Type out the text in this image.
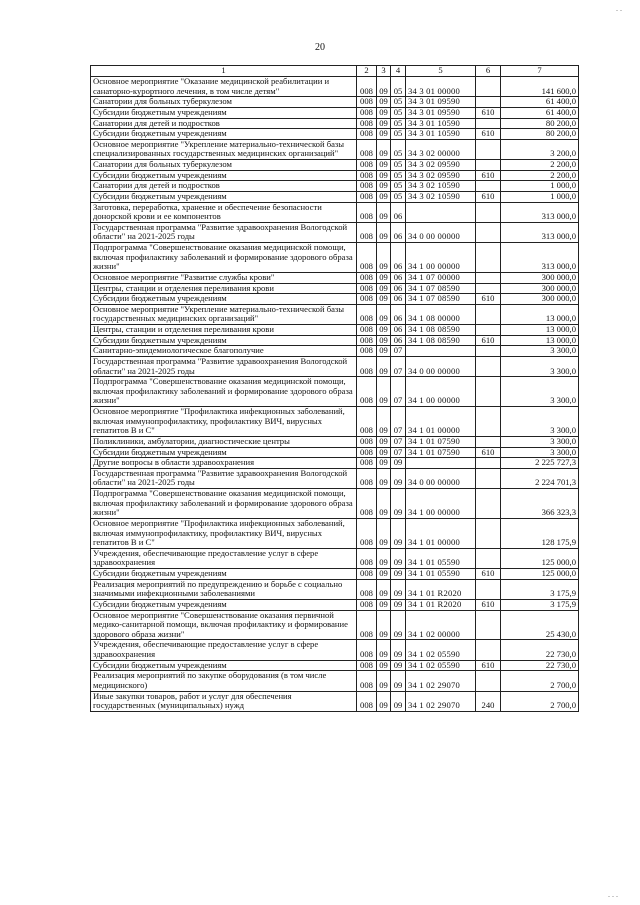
. .
20
1	2	3	4	5	6	7
Основное мероприятие "Оказание медицинской реабилитации и санаторно-курортного лечения, в том числе детям"	008	09	05	34 3 01 00000		141 600,0
Санатории для больных туберкулезом	008	09	05	34 3 01 09590		61 400,0
Субсидии бюджетным учреждениям	008	09	05	34 3 01 09590	610	61 400,0
Санатории для детей и подростков	008	09	05	34 3 01 10590		80 200,0
Субсидии бюджетным учреждениям	008	09	05	34 3 01 10590	610	80 200,0
Основное мероприятие "Укрепление материально-технической базы специализированных государственных медицинских организаций"	008	09	05	34 3 02 00000		3 200,0
Санатории для больных туберкулезом	008	09	05	34 3 02 09590		2 200,0
Субсидии бюджетным учреждениям	008	09	05	34 3 02 09590	610	2 200,0
Санатории для детей и подростков	008	09	05	34 3 02 10590		1 000,0
Субсидии бюджетным учреждениям	008	09	05	34 3 02 10590	610	1 000,0
Заготовка, переработка, хранение и обеспечение безопасности донорской крови и ее компонентов	008	09	06			313 000,0
Государственная программа "Развитие здравоохранения Вологодской области" на 2021-2025 годы	008	09	06	34 0 00 00000		313 000,0
Подпрограмма "Совершенствование оказания медицинской помощи, включая профилактику заболеваний и формирование здорового образа жизни"	008	09	06	34 1 00 00000		313 000,0
Основное мероприятие "Развитие службы крови"	008	09	06	34 1 07 00000		300 000,0
Центры, станции и отделения переливания крови	008	09	06	34 1 07 08590		300 000,0
Субсидии бюджетным учреждениям	008	09	06	34 1 07 08590	610	300 000,0
Основное мероприятие "Укрепление материально-технической базы государственных медицинских организаций"	008	09	06	34 1 08 00000		13 000,0
Центры, станции и отделения переливания крови	008	09	06	34 1 08 08590		13 000,0
Субсидии бюджетным учреждениям	008	09	06	34 1 08 08590	610	13 000,0
Санитарно-эпидемиологическое благополучие	008	09	07			3 300,0
Государственная программа "Развитие здравоохранения Вологодской области" на 2021-2025 годы	008	09	07	34 0 00 00000		3 300,0
Подпрограмма "Совершенствование оказания медицинской помощи, включая профилактику заболеваний и формирование здорового образа жизни"	008	09	07	34 1 00 00000		3 300,0
Основное мероприятие "Профилактика инфекционных заболеваний, включая иммунопрофилактику, профилактику ВИЧ, вирусных гепатитов В и С"	008	09	07	34 1 01 00000		3 300,0
Поликлиники, амбулатории, диагностические центры	008	09	07	34 1 01 07590		3 300,0
Субсидии бюджетным учреждениям	008	09	07	34 1 01 07590	610	3 300,0
Другие вопросы в области здравоохранения	008	09	09			2 225 727,3
Государственная программа "Развитие здравоохранения Вологодской области" на 2021-2025 годы	008	09	09	34 0 00 00000		2 224 701,3
Подпрограмма "Совершенствование оказания медицинской помощи, включая профилактику заболеваний и формирование здорового образа жизни"	008	09	09	34 1 00 00000		366 323,3
Основное мероприятие "Профилактика инфекционных заболеваний, включая иммунопрофилактику, профилактику ВИЧ, вирусных гепатитов В и С"	008	09	09	34 1 01 00000		128 175,9
Учреждения, обеспечивающие предоставление услуг в сфере здравоохранения	008	09	09	34 1 01 05590		125 000,0
Субсидии бюджетным учреждениям	008	09	09	34 1 01 05590	610	125 000,0
Реализация мероприятий по предупреждению и борьбе с социально значимыми инфекционными заболеваниями	008	09	09	34 1 01 R2020		3 175,9
Субсидии бюджетным учреждениям	008	09	09	34 1 01 R2020	610	3 175,9
Основное мероприятие "Совершенствование оказания первичной медико-санитарной помощи, включая профилактику и формирование здорового образа жизни"	008	09	09	34 1 02 00000		25 430,0
Учреждения, обеспечивающие предоставление услуг в сфере здравоохранения	008	09	09	34 1 02 05590		22 730,0
Субсидии бюджетным учреждениям	008	09	09	34 1 02 05590	610	22 730,0
Реализация мероприятий по закупке оборудования (в том числе медицинского)	008	09	09	34 1 02 29070		2 700,0
Иные закупки товаров, работ и услуг для обеспечения государственных (муниципальных) нужд	008	09	09	34 1 02 29070	240	2 700,0
. . .
